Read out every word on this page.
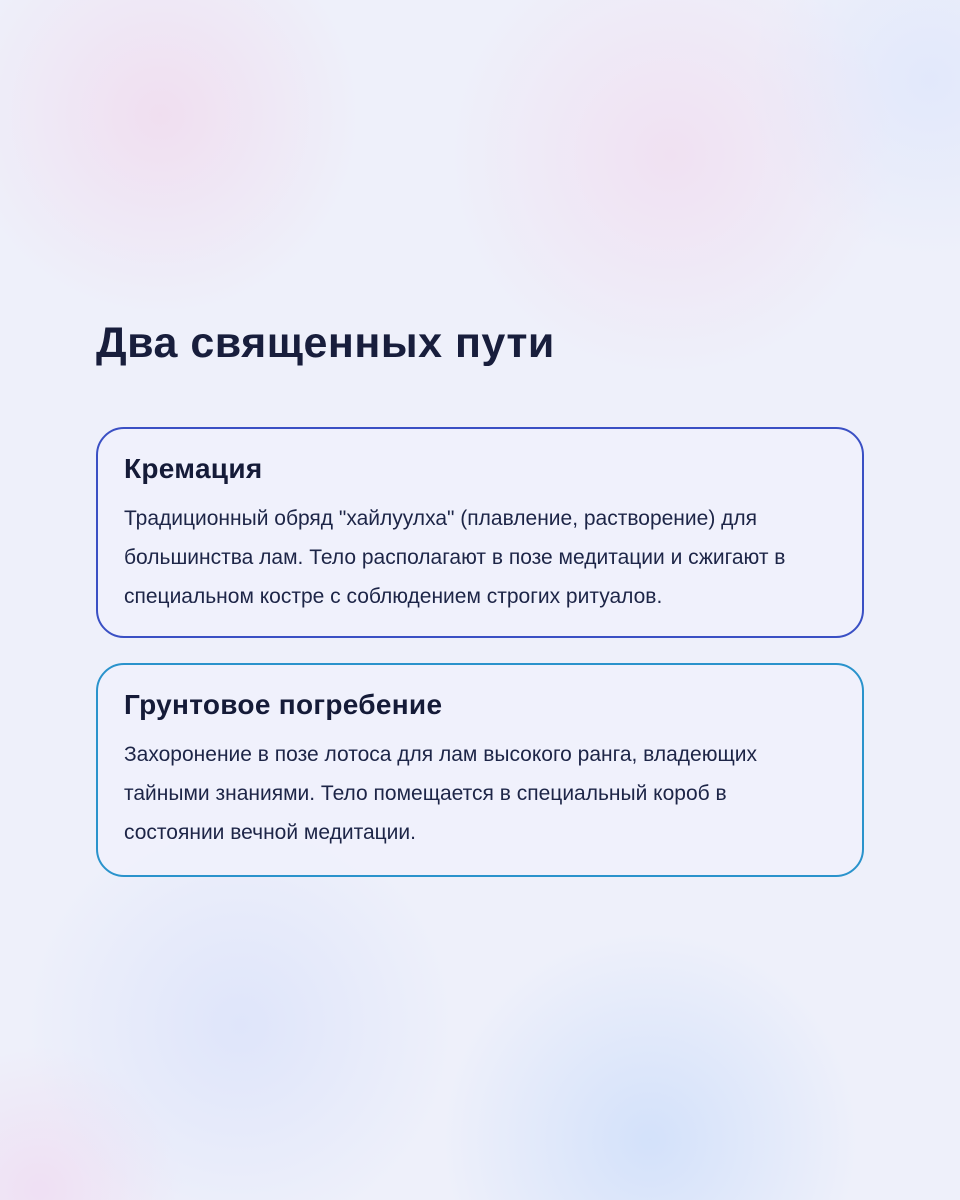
Два священных пути
Кремация
Традиционный обряд "хайлуулха" (плавление, растворение) для
большинства лам. Тело располагают в позе медитации и сжигают в
специальном костре с соблюдением строгих ритуалов.
Грунтовое погребение
Захоронение в позе лотоса для лам высокого ранга, владеющих
тайными знаниями. Тело помещается в специальный короб в
состоянии вечной медитации.
